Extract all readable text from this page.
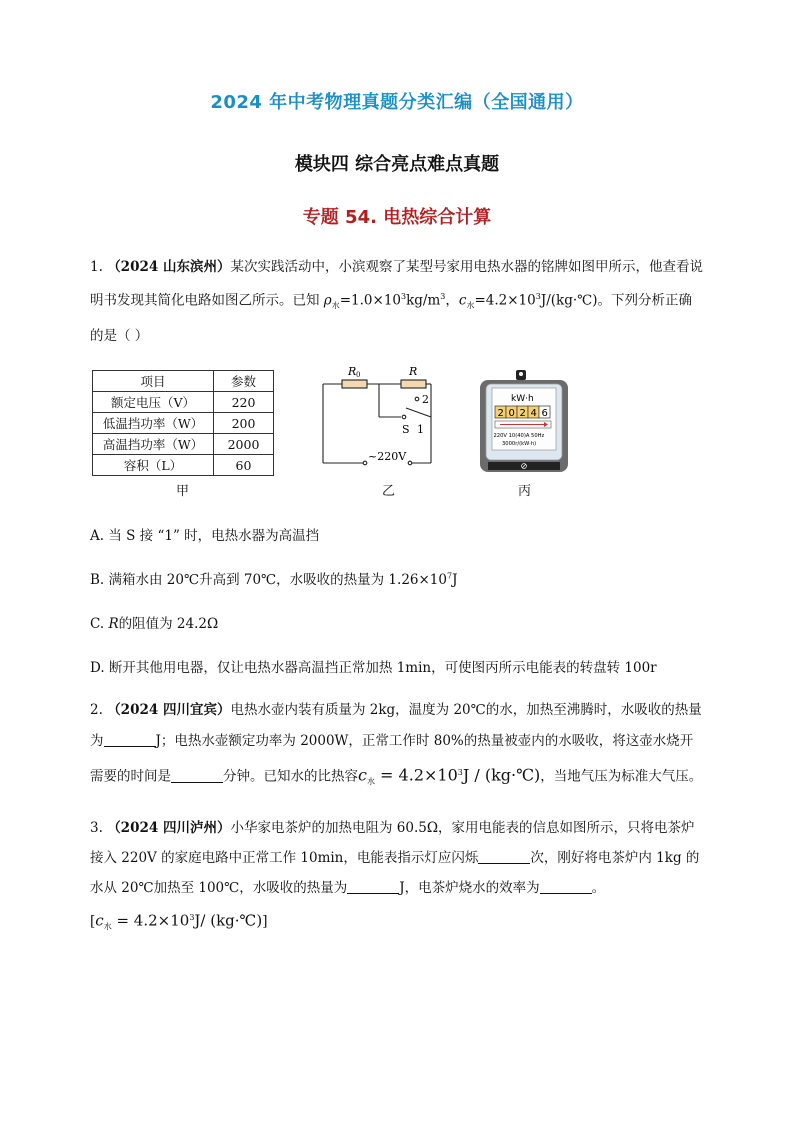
2024 年中考物理真题分类汇编（全国通用）
模块四 综合亮点难点真题
专题 54. 电热综合计算
1. （2024 山东滨州）某次实践活动中，小滨观察了某型号家用电热水器的铭牌如图甲所示，他查看说明书发现其简化电路如图乙所示。已知 $\rho_水=1.0\times 10^3kg/m^3$，$c_水=4.2\times 10^3J/(kg\cdot℃)$。下列分析正确的是（ ）
项目	参数
额定电压（V）	220
低温挡功率（W）	200
高温挡功率（W）	2000
容积（L）	60
甲
R 0	R
2
S 1
~220V
乙
kW·h
2 0 2 4 6
220V 10(40)A 50Hz
3000r/(kW·h)
丙
A. 当 S 接 “1” 时，电热水器为高温挡
B. 满箱水由 20℃升高到 70℃，水吸收的热量为 $1.26\times 10^7J$
C. R的阻值为 24.2Ω
D. 断开其他用电器，仅让电热水器高温挡正常加热 1min，可使图丙所示电能表的转盘转 100r
2. （2024 四川宜宾）电热水壶内装有质量为 2kg，温度为 20℃的水，加热至沸腾时，水吸收的热量为	J；电热水壶额定功率为 2000W，正常工作时 80%的热量被壶内的水吸收，将这壶水烧开需要的时间是	分钟。已知水的比热容$c_水 = 4.2\times 10^3J$ / (kg·℃)，当地气压为标准大气压。
3. （2024 四川泸州）小华家电茶炉的加热电阻为 60.5Ω，家用电能表的信息如图所示，只将电茶炉接入 220V 的家庭电路中正常工作 10min，电能表指示灯应闪烁	次，刚好将电茶炉内 1kg 的水从 20℃加热至 100℃，水吸收的热量为	J，电茶炉烧水的效率为	。
[$c_水 = 4.2\times 10^3J/$ (kg·℃)]
